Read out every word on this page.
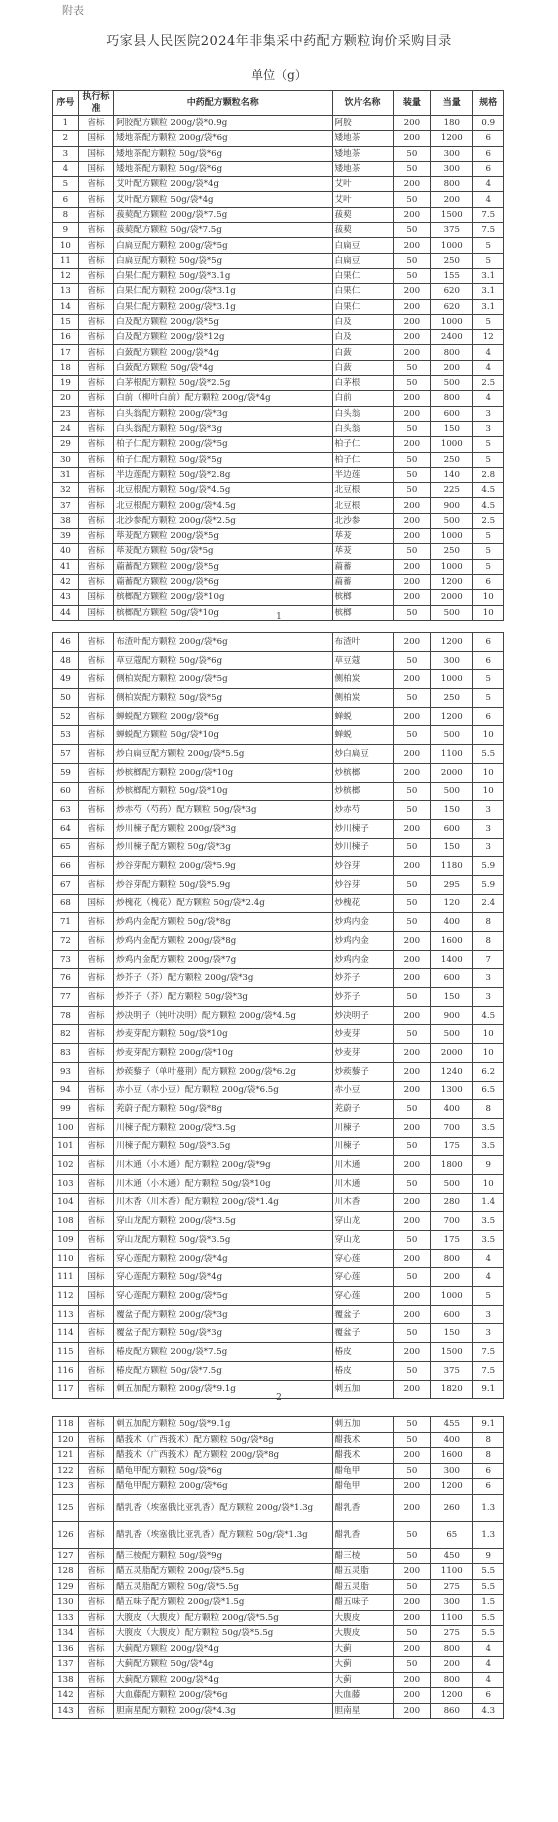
附表
巧家县人民医院2024年非集采中药配方颗粒询价采购目录
单位（g）
序号	执行标准	中药配方颗粒名称	饮片名称	装量	当量	规格
1	省标	阿胶配方颗粒 200g/袋*0.9g	阿胶	200	180	0.9
2	国标	矮地茶配方颗粒 200g/袋*6g	矮地茶	200	1200	6
3	国标	矮地茶配方颗粒 50g/袋*6g	矮地茶	50	300	6
4	国标	矮地茶配方颗粒 50g/袋*6g	矮地茶	50	300	6
5	省标	艾叶配方颗粒 200g/袋*4g	艾叶	200	800	4
6	省标	艾叶配方颗粒 50g/袋*4g	艾叶	50	200	4
8	省标	菝葜配方颗粒 200g/袋*7.5g	菝葜	200	1500	7.5
9	省标	菝葜配方颗粒 50g/袋*7.5g	菝葜	50	375	7.5
10	省标	白扁豆配方颗粒 200g/袋*5g	白扁豆	200	1000	5
11	省标	白扁豆配方颗粒 50g/袋*5g	白扁豆	50	250	5
12	省标	白果仁配方颗粒 50g/袋*3.1g	白果仁	50	155	3.1
13	省标	白果仁配方颗粒 200g/袋*3.1g	白果仁	200	620	3.1
14	省标	白果仁配方颗粒 200g/袋*3.1g	白果仁	200	620	3.1
15	省标	白及配方颗粒 200g/袋*5g	白及	200	1000	5
16	省标	白及配方颗粒 200g/袋*12g	白及	200	2400	12
17	省标	白蔹配方颗粒 200g/袋*4g	白蔹	200	800	4
18	省标	白蔹配方颗粒 50g/袋*4g	白蔹	50	200	4
19	省标	白茅根配方颗粒 50g/袋*2.5g	白茅根	50	500	2.5
20	省标	白前（柳叶白前）配方颗粒 200g/袋*4g	白前	200	800	4
23	省标	白头翁配方颗粒 200g/袋*3g	白头翁	200	600	3
24	省标	白头翁配方颗粒 50g/袋*3g	白头翁	50	150	3
29	省标	柏子仁配方颗粒 200g/袋*5g	柏子仁	200	1000	5
30	省标	柏子仁配方颗粒 50g/袋*5g	柏子仁	50	250	5
31	省标	半边莲配方颗粒 50g/袋*2.8g	半边莲	50	140	2.8
32	省标	北豆根配方颗粒 50g/袋*4.5g	北豆根	50	225	4.5
37	省标	北豆根配方颗粒 200g/袋*4.5g	北豆根	200	900	4.5
38	省标	北沙参配方颗粒 200g/袋*2.5g	北沙参	200	500	2.5
39	省标	荜茇配方颗粒 200g/袋*5g	荜茇	200	1000	5
40	省标	荜茇配方颗粒 50g/袋*5g	荜茇	50	250	5
41	省标	萹蓄配方颗粒 200g/袋*5g	萹蓄	200	1000	5
42	省标	萹蓄配方颗粒 200g/袋*6g	萹蓄	200	1200	6
43	国标	槟榔配方颗粒 200g/袋*10g	槟榔	200	2000	10
44	国标	槟榔配方颗粒 50g/袋*10g	槟榔	50	500	10
1
46	省标	布渣叶配方颗粒 200g/袋*6g	布渣叶	200	1200	6
48	省标	草豆蔻配方颗粒 50g/袋*6g	草豆蔻	50	300	6
49	省标	侧柏炭配方颗粒 200g/袋*5g	侧柏炭	200	1000	5
50	省标	侧柏炭配方颗粒 50g/袋*5g	侧柏炭	50	250	5
52	省标	蝉蜕配方颗粒 200g/袋*6g	蝉蜕	200	1200	6
53	省标	蝉蜕配方颗粒 50g/袋*10g	蝉蜕	50	500	10
57	省标	炒白扁豆配方颗粒 200g/袋*5.5g	炒白扁豆	200	1100	5.5
59	省标	炒槟榔配方颗粒 200g/袋*10g	炒槟榔	200	2000	10
60	省标	炒槟榔配方颗粒 50g/袋*10g	炒槟榔	50	500	10
63	省标	炒赤芍（芍药）配方颗粒 50g/袋*3g	炒赤芍	50	150	3
64	省标	炒川楝子配方颗粒 200g/袋*3g	炒川楝子	200	600	3
65	省标	炒川楝子配方颗粒 50g/袋*3g	炒川楝子	50	150	3
66	省标	炒谷芽配方颗粒 200g/袋*5.9g	炒谷芽	200	1180	5.9
67	省标	炒谷芽配方颗粒 50g/袋*5.9g	炒谷芽	50	295	5.9
68	国标	炒槐花（槐花）配方颗粒 50g/袋*2.4g	炒槐花	50	120	2.4
71	省标	炒鸡内金配方颗粒 50g/袋*8g	炒鸡内金	50	400	8
72	省标	炒鸡内金配方颗粒 200g/袋*8g	炒鸡内金	200	1600	8
73	省标	炒鸡内金配方颗粒 200g/袋*7g	炒鸡内金	200	1400	7
76	省标	炒芥子（芥）配方颗粒 200g/袋*3g	炒芥子	200	600	3
77	省标	炒芥子（芥）配方颗粒 50g/袋*3g	炒芥子	50	150	3
78	省标	炒决明子（钝叶决明）配方颗粒 200g/袋*4.5g	炒决明子	200	900	4.5
82	省标	炒麦芽配方颗粒 50g/袋*10g	炒麦芽	50	500	10
83	省标	炒麦芽配方颗粒 200g/袋*10g	炒麦芽	200	2000	10
93	省标	炒蒺藜子（单叶蔓荆）配方颗粒 200g/袋*6.2g	炒蒺藜子	200	1240	6.2
94	省标	赤小豆（赤小豆）配方颗粒 200g/袋*6.5g	赤小豆	200	1300	6.5
99	省标	茺蔚子配方颗粒 50g/袋*8g	茺蔚子	50	400	8
100	省标	川楝子配方颗粒 200g/袋*3.5g	川楝子	200	700	3.5
101	省标	川楝子配方颗粒 50g/袋*3.5g	川楝子	50	175	3.5
102	省标	川木通（小木通）配方颗粒 200g/袋*9g	川木通	200	1800	9
103	省标	川木通（小木通）配方颗粒 50g/袋*10g	川木通	50	500	10
104	省标	川木香（川木香）配方颗粒 200g/袋*1.4g	川木香	200	280	1.4
108	省标	穿山龙配方颗粒 200g/袋*3.5g	穿山龙	200	700	3.5
109	省标	穿山龙配方颗粒 50g/袋*3.5g	穿山龙	50	175	3.5
110	省标	穿心莲配方颗粒 200g/袋*4g	穿心莲	200	800	4
111	国标	穿心莲配方颗粒 50g/袋*4g	穿心莲	50	200	4
112	国标	穿心莲配方颗粒 200g/袋*5g	穿心莲	200	1000	5
113	省标	覆盆子配方颗粒 200g/袋*3g	覆盆子	200	600	3
114	省标	覆盆子配方颗粒 50g/袋*3g	覆盆子	50	150	3
115	省标	椿皮配方颗粒 200g/袋*7.5g	椿皮	200	1500	7.5
116	省标	椿皮配方颗粒 50g/袋*7.5g	椿皮	50	375	7.5
117	省标	刺五加配方颗粒 200g/袋*9.1g	刺五加	200	1820	9.1
2
118	省标	刺五加配方颗粒 50g/袋*9.1g	刺五加	50	455	9.1
120	省标	醋莪术（广西莪术）配方颗粒 50g/袋*8g	醋莪术	50	400	8
121	省标	醋莪术（广西莪术）配方颗粒 200g/袋*8g	醋莪术	200	1600	8
122	省标	醋龟甲配方颗粒 50g/袋*6g	醋龟甲	50	300	6
123	省标	醋龟甲配方颗粒 200g/袋*6g	醋龟甲	200	1200	6
125	省标	醋乳香（埃塞俄比亚乳香）配方颗粒 200g/袋*1.3g	醋乳香	200	260	1.3
126	省标	醋乳香（埃塞俄比亚乳香）配方颗粒 50g/袋*1.3g	醋乳香	50	65	1.3
127	省标	醋三棱配方颗粒 50g/袋*9g	醋三棱	50	450	9
128	省标	醋五灵脂配方颗粒 200g/袋*5.5g	醋五灵脂	200	1100	5.5
129	省标	醋五灵脂配方颗粒 50g/袋*5.5g	醋五灵脂	50	275	5.5
130	省标	醋五味子配方颗粒 200g/袋*1.5g	醋五味子	200	300	1.5
133	省标	大腹皮（大腹皮）配方颗粒 200g/袋*5.5g	大腹皮	200	1100	5.5
134	省标	大腹皮（大腹皮）配方颗粒 50g/袋*5.5g	大腹皮	50	275	5.5
136	省标	大蓟配方颗粒 200g/袋*4g	大蓟	200	800	4
137	省标	大蓟配方颗粒 50g/袋*4g	大蓟	50	200	4
138	省标	大蓟配方颗粒 200g/袋*4g	大蓟	200	800	4
142	省标	大血藤配方颗粒 200g/袋*6g	大血藤	200	1200	6
143	省标	胆南星配方颗粒 200g/袋*4.3g	胆南星	200	860	4.3
